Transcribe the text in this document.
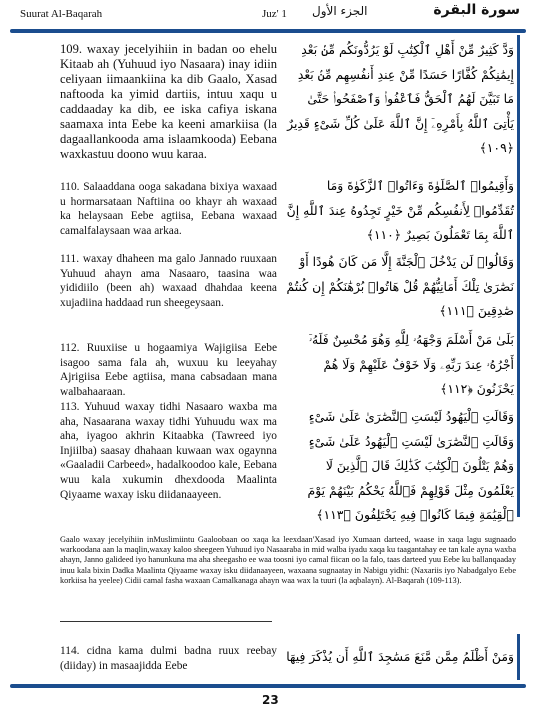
Suurat Al-Baqarah	Juz' 1 الجزء الأول	سورة البقرة

109. waxay jecelyihiin in badan oo ehelu Kitaab ah (Yuhuud iyo Nasaara) inay idiin celiyaan iimaankiina ka dib Gaalo, Xasad naftooda ka yimid dartiis, intuu xaqu u caddaaday ka dib, ee iska cafiya iskana saamaxa inta Eebe ka keeni amarkiisa (la dagaallankooda ama islaamkooda) Eebana waxkastuu doono wuu karaa.

110. Salaaddana ooga sakadana bixiya waxaad u hormarsataan Naftiina oo khayr ah waxaad ka helaysaan Eebe agtiisa, Eebana waxaad camalfalaysaan waa arkaa.

111. waxay dhaheen ma galo Jannado ruuxaan Yuhuud ahayn ama Nasaaro, taasina waa yididiilo (been ah) waxaad dhahdaa keena xujadiina haddaad run sheegeysaan.

112. Ruuxiise u hogaamiya Wajigiisa Eebe isagoo sama fala ah, wuxuu ku leeyahay Ajrigiisa Eebe agtiisa, mana cabsadaan mana walbahaaraan.

113. Yuhuud waxay tidhi Nasaaro waxba ma aha, Nasaarana waxay tidhi Yuhuudu wax ma aha, iyagoo akhrin Kitaabka (Tawreed iyo Injiilba) saasay dhahaan kuwaan wax ogaynna «Gaaladii Carbeed», hadalkoodoo kale, Eebana wuu kala xukumin dhexdooda Maalinta Qiyaame waxay isku diidanaayeen.

وَدَّ كَثِيرٌ مِّنْ أَهْلِ ٱلْكِتَٰبِ لَوْ يَرُدُّونَكُم مِّنۢ بَعْدِ إِيمَٰنِكُمْ كُفَّارًا حَسَدًا مِّنْ عِندِ أَنفُسِهِم مِّنۢ بَعْدِ مَا تَبَيَّنَ لَهُمُ ٱلْحَقُّ فَٱعْفُوا۟ وَٱصْفَحُوا۟ حَتَّىٰ يَأْتِىَ ٱللَّهُ بِأَمْرِهِۦٓ إِنَّ ٱللَّهَ عَلَىٰ كُلِّ شَىْءٍ قَدِيرٌ ﴿١٠٩﴾

وَأَقِيمُوا۟ ٱلصَّلَوٰةَ وَءَاتُوا۟ ٱلزَّكَوٰةَ وَمَا تُقَدِّمُوا۟ لِأَنفُسِكُم مِّنْ خَيْرٍ تَجِدُوهُ عِندَ ٱللَّهِ إِنَّ ٱللَّهَ بِمَا تَعْمَلُونَ بَصِيرٌ ﴿١١٠﴾

وَقَالُوا۟ لَن يَدْخُلَ ٱلْجَنَّةَ إِلَّا مَن كَانَ هُودًا أَوْ نَصَٰرَىٰ تِلْكَ أَمَانِيُّهُمْ قُلْ هَاتُوا۟ بُرْهَٰنَكُمْ إِن كُنتُمْ صَٰدِقِينَ ﴿١١١﴾

بَلَىٰ مَنْ أَسْلَمَ وَجْهَهُۥ لِلَّهِ وَهُوَ مُحْسِنٌ فَلَهُۥٓ أَجْرُهُۥ عِندَ رَبِّهِۦ وَلَا خَوْفٌ عَلَيْهِمْ وَلَا هُمْ يَحْزَنُونَ ﴿١١٢﴾

وَقَالَتِ ٱلْيَهُودُ لَيْسَتِ ٱلنَّصَٰرَىٰ عَلَىٰ شَىْءٍ وَقَالَتِ ٱلنَّصَٰرَىٰ لَيْسَتِ ٱلْيَهُودُ عَلَىٰ شَىْءٍ وَهُمْ يَتْلُونَ ٱلْكِتَٰبَ كَذَٰلِكَ قَالَ ٱلَّذِينَ لَا يَعْلَمُونَ مِثْلَ قَوْلِهِمْ فَٱللَّهُ يَحْكُمُ بَيْنَهُمْ يَوْمَ ٱلْقِيَٰمَةِ فِيمَا كَانُوا۟ فِيهِ يَخْتَلِفُونَ ﴿١١٣﴾

Gaalo waxay jecelyihiin inMuslimiintu Gaaloobaan oo xaqa ka leexdaan'Xasad iyo Xumaan darteed, waase in xaqa lagu sugnaado warkoodana aan la maqlin,waxay kaloo sheegeen Yuhuud iyo Nasaaraba in mid walba iyadu xaqa ku taagantahay ee tan kale ayna waxba ahayn, Janno galideed iyo hanunkuna ma aha sheegasho ee waa toosni iyo camal fiican oo la falo, taas darteed yuu Eebe ku ballanqaaday inuu kala bixin Dadka Maalinta Qiyaame waxay isku diidanaayeen, waxaana sugnaatay in Nabigu yidhi: (Naxariis iyo Nabadgalyo Eebe korkiisa ha yeelee) Cidii camal fasha waxaan Camalkanaga ahayn waa wax la tuuri (la aqbalayn). Al-Baqarah (109-113).

114. cidna kama dulmi badna ruux reebay (diiday) in masaajidda Eebe

وَمَنْ أَظْلَمُ مِمَّن مَّنَعَ مَسَٰجِدَ ٱللَّهِ أَن يُذْكَرَ فِيهَا

23
